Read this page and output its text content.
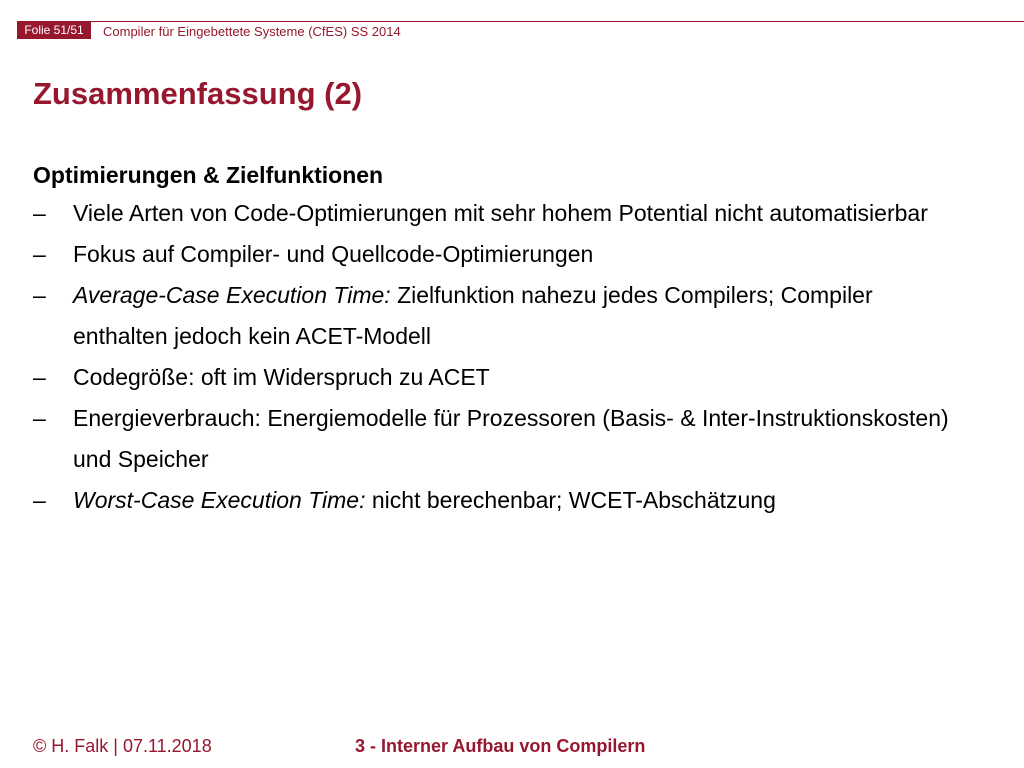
Folie 51/51	Compiler für Eingebettete Systeme (CfES) SS 2014
Zusammenfassung (2)
Optimierungen & Zielfunktionen
–	Viele Arten von Code-Optimierungen mit sehr hohem Potential nicht automatisierbar
–	Fokus auf Compiler- und Quellcode-Optimierungen
–	Average-Case Execution Time: Zielfunktion nahezu jedes Compilers; Compiler enthalten jedoch kein ACET-Modell
–	Codegröße: oft im Widerspruch zu ACET
–	Energieverbrauch: Energiemodelle für Prozessoren (Basis- & Inter-Instruktionskosten) und Speicher
–	Worst-Case Execution Time: nicht berechenbar; WCET-Abschätzung
© H. Falk | 07.11.2018	3 - Interner Aufbau von Compilern
